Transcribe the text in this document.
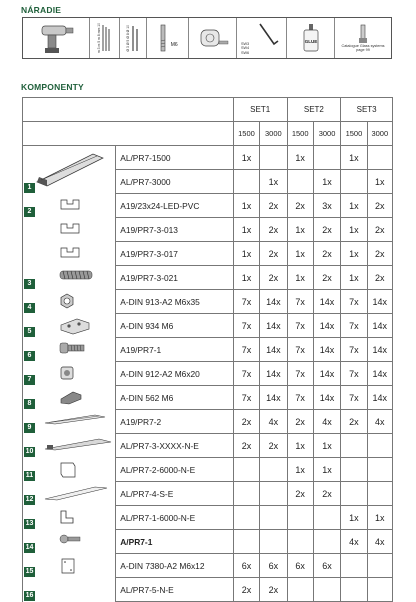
NÁRADIE
m 3 m 5 m 8 mm 10	Ø 3 Ø 5 Ø 8 Ø 10	M6	SW3
SW4
SW6
GLUE
Catalogue Glass systems page 99
KOMPONENTY
		SET1		SET2		SET3	
		1500	3000	1500	3000	1500	3000

1	AL/PR7-1500	1x		1x		1x	
	AL/PR7-3000		1x		1x		1x

2	A19/23x24-LED-PVC	1x	2x	2x	3x	1x	2x

	A19/PR7-3-013	1x	2x	1x	2x	1x	2x

	A19/PR7-3-017	1x	2x	1x	2x	1x	2x

3	A19/PR7-3-021	1x	2x	1x	2x	1x	2x

4	A-DIN 913-A2 M6x35	7x	14x	7x	14x	7x	14x

5	A-DIN 934 M6	7x	14x	7x	14x	7x	14x

6	A19/PR7-1	7x	14x	7x	14x	7x	14x

7	A-DIN 912-A2 M6x20	7x	14x	7x	14x	7x	14x

8	A-DIN 562 M6	7x	14x	7x	14x	7x	14x

9	A19/PR7-2	2x	4x	2x	4x	2x	4x

10	AL/PR7-3-XXXX-N-E	2x	2x	1x	1x		

11	AL/PR7-2-6000-N-E			1x	1x		

12	AL/PR7-4-S-E			2x	2x		

13	AL/PR7-1-6000-N-E					1x	1x

14	A/PR7-1					4x	4x

15	A-DIN 7380-A2 M6x12	6x	6x	6x	6x		

16	AL/PR7-5-N-E	2x	2x				
